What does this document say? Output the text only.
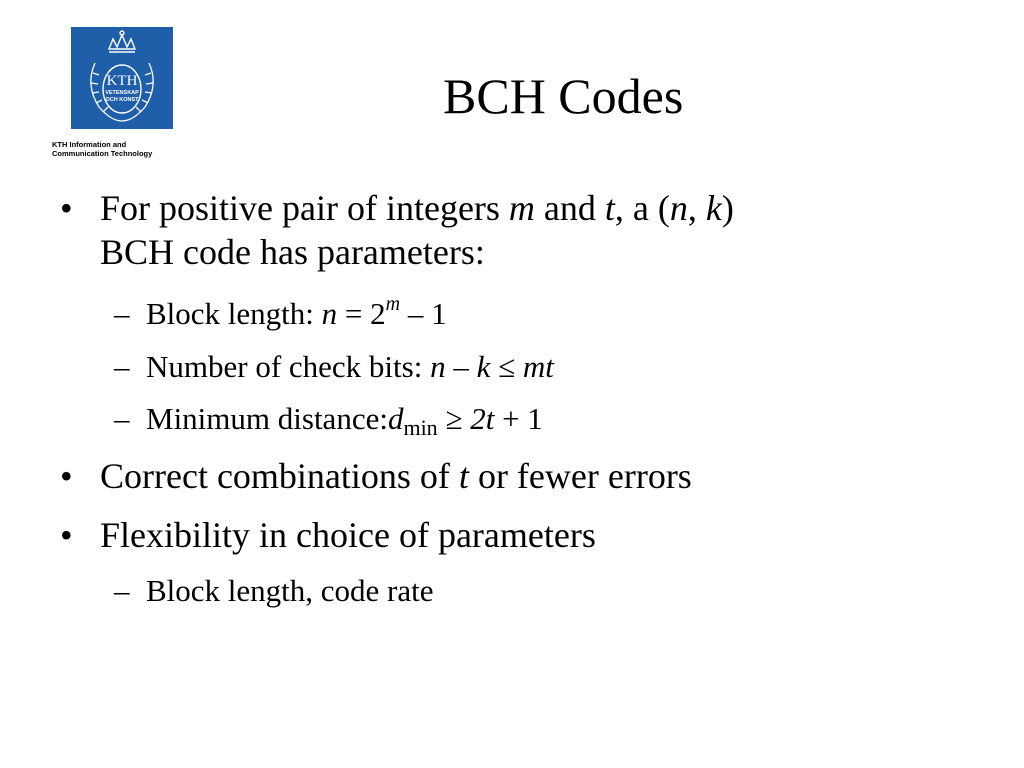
KTH
VETENSKAP
OCH KONST
KTH Information and
Communication Technology
BCH Codes
• For positive pair of integers m and t, a (n, k)
BCH code has parameters:
– Block length: $n = 2^m - 1$
– Number of check bits: n – k ≤ mt
– Minimum $distance:d_{min} \ge 2t + 1$
• Correct combinations of t or fewer errors
• Flexibility in choice of parameters
– Block length, code rate
